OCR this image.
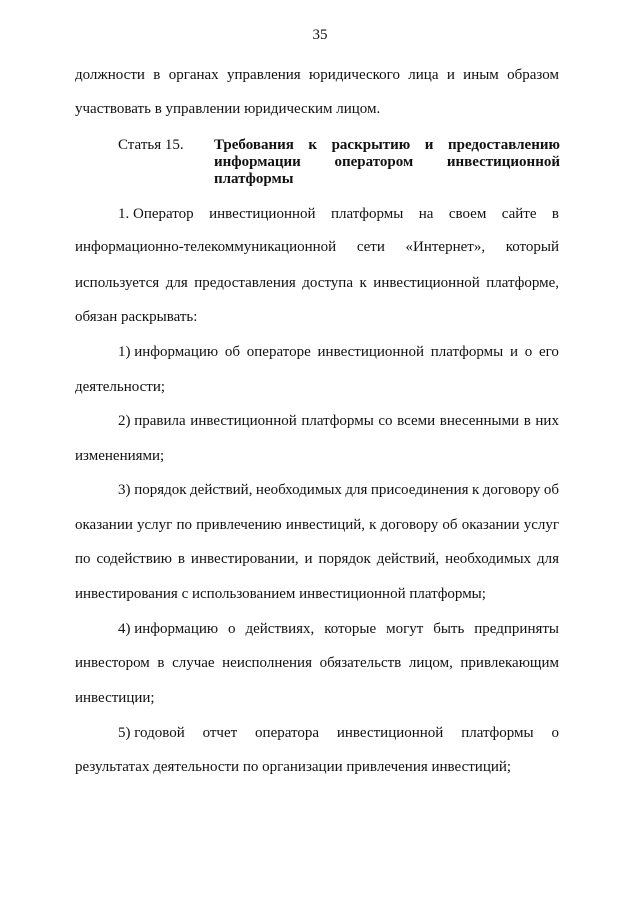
35
должности в органах управления юридического лица и иным образом
участвовать в управлении юридическим лицом.
Статья 15. Требования к раскрытию и предоставлению
информации оператором инвестиционной
платформы
1. Оператор инвестиционной платформы на своем сайте в
информационно-телекоммуникационной сети «Интернет», который
используется для предоставления доступа к инвестиционной платформе,
обязан раскрывать:
1) информацию об операторе инвестиционной платформы и о его
деятельности;
2) правила инвестиционной платформы со всеми внесенными в них
изменениями;
3) порядок действий, необходимых для присоединения к договору об
оказании услуг по привлечению инвестиций, к договору об оказании услуг
по содействию в инвестировании, и порядок действий, необходимых для
инвестирования с использованием инвестиционной платформы;
4) информацию о действиях, которые могут быть предприняты
инвестором в случае неисполнения обязательств лицом, привлекающим
инвестиции;
5) годовой отчет оператора инвестиционной платформы о
результатах деятельности по организации привлечения инвестиций;
